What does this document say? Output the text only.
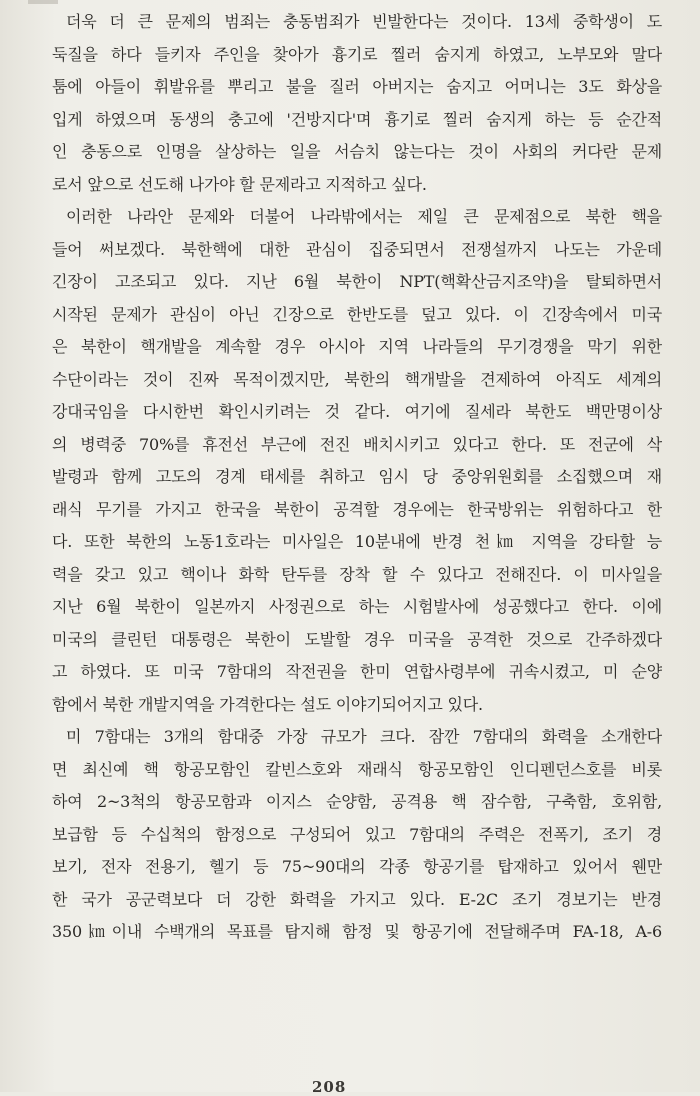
더욱 더 큰 문제의 범죄는 충동범죄가 빈발한다는 것이다. 13세 중학생이 도
둑질을 하다 들키자 주인을 찾아가 흉기로 찔러 숨지게 하였고, 노부모와 말다
툼에 아들이 휘발유를 뿌리고 불을 질러 아버지는 숨지고 어머니는 3도 화상을
입게 하였으며 동생의 충고에 '건방지다'며 흉기로 찔러 숨지게 하는 등 순간적
인 충동으로 인명을 살상하는 일을 서슴치 않는다는 것이 사회의 커다란 문제
로서 앞으로 선도해 나가야 할 문제라고 지적하고 싶다.
이러한 나라안 문제와 더불어 나라밖에서는 제일 큰 문제점으로 북한 핵을
들어 써보겠다. 북한핵에 대한 관심이 집중되면서 전쟁설까지 나도는 가운데
긴장이 고조되고 있다. 지난 6월 북한이 NPT(핵확산금지조약)을 탈퇴하면서
시작된 문제가 관심이 아닌 긴장으로 한반도를 덮고 있다. 이 긴장속에서 미국
은 북한이 핵개발을 계속할 경우 아시아 지역 나라들의 무기경쟁을 막기 위한
수단이라는 것이 진짜 목적이겠지만, 북한의 핵개발을 견제하여 아직도 세계의
강대국임을 다시한번 확인시키려는 것 같다. 여기에 질세라 북한도 백만명이상
의 병력중 70%를 휴전선 부근에 전진 배치시키고 있다고 한다. 또 전군에 삭
발령과 함께 고도의 경계 태세를 취하고 임시 당 중앙위원회를 소집했으며 재
래식 무기를 가지고 한국을 북한이 공격할 경우에는 한국방위는 위험하다고 한
다. 또한 북한의 노동1호라는 미사일은 10분내에 반경 천㎞ 지역을 강타할 능
력을 갖고 있고 핵이나 화학 탄두를 장착 할 수 있다고 전해진다. 이 미사일을
지난 6월 북한이 일본까지 사정권으로 하는 시험발사에 성공했다고 한다. 이에
미국의 클린턴 대통령은 북한이 도발할 경우 미국을 공격한 것으로 간주하겠다
고 하였다. 또 미국 7함대의 작전권을 한미 연합사령부에 귀속시켰고, 미 순양
함에서 북한 개발지역을 가격한다는 설도 이야기되어지고 있다.
미 7함대는 3개의 함대중 가장 규모가 크다. 잠깐 7함대의 화력을 소개한다
면 최신예 핵 항공모함인 칼빈스호와 재래식 항공모함인 인디펜던스호를 비롯
하여 2~3척의 항공모함과 이지스 순양함, 공격용 핵 잠수함, 구축함, 호위함,
보급함 등 수십척의 함정으로 구성되어 있고 7함대의 주력은 전폭기, 조기 경
보기, 전자 전용기, 헬기 등 75~90대의 각종 항공기를 탑재하고 있어서 웬만
한 국가 공군력보다 더 강한 화력을 가지고 있다. E-2C 조기 경보기는 반경
350㎞이내 수백개의 목표를 탐지해 함정 및 항공기에 전달해주며 FA-18, A-6
208
